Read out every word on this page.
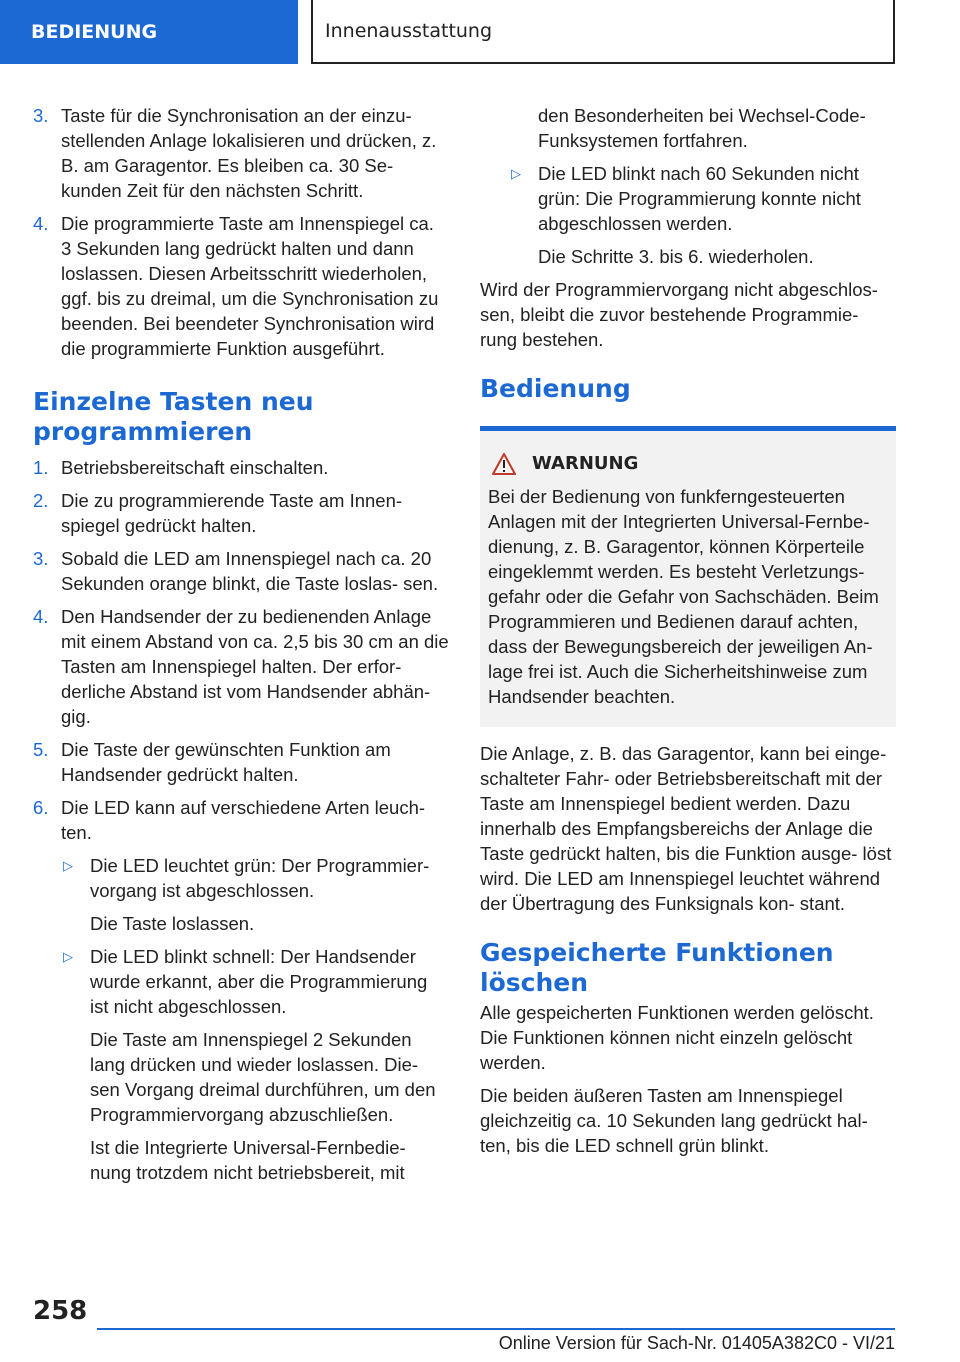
BEDIENUNG	Innenausstattung
3. Taste für die Synchronisation an der einzu- stellenden Anlage lokalisieren und drücken, z. B. am Garagentor. Es bleiben ca. 30 Se- kunden Zeit für den nächsten Schritt.
4. Die programmierte Taste am Innenspiegel ca. 3 Sekunden lang gedrückt halten und dann loslassen. Diesen Arbeitsschritt wiederholen, ggf. bis zu dreimal, um die Synchronisation zu beenden. Bei beendeter Synchronisation wird die programmierte Funktion ausgeführt.
Einzelne Tasten neu programmieren
1. Betriebsbereitschaft einschalten.
2. Die zu programmierende Taste am Innen- spiegel gedrückt halten.
3. Sobald die LED am Innenspiegel nach ca. 20 Sekunden orange blinkt, die Taste loslas- sen.
4. Den Handsender der zu bedienenden Anlage mit einem Abstand von ca. 2,5 bis 30 cm an die Tasten am Innenspiegel halten. Der erfor- derliche Abstand ist vom Handsender abhän- gig.
5. Die Taste der gewünschten Funktion am Handsender gedrückt halten.
6. Die LED kann auf verschiedene Arten leuch- ten.
▷ Die LED leuchtet grün: Der Programmier- vorgang ist abgeschlossen.
Die Taste loslassen.
▷ Die LED blinkt schnell: Der Handsender wurde erkannt, aber die Programmierung ist nicht abgeschlossen.
Die Taste am Innenspiegel 2 Sekunden lang drücken und wieder loslassen. Die- sen Vorgang dreimal durchführen, um den Programmiervorgang abzuschließen.
Ist die Integrierte Universal-Fernbedie- nung trotzdem nicht betriebsbereit, mit
den Besonderheiten bei Wechsel-Code- Funksystemen fortfahren.
▷ Die LED blinkt nach 60 Sekunden nicht grün: Die Programmierung konnte nicht abgeschlossen werden.
Die Schritte 3. bis 6. wiederholen.

Wird der Programmiervorgang nicht abgeschlos- sen, bleibt die zuvor bestehende Programmie- rung bestehen.

Bedienung
WARNUNG
Bei der Bedienung von funkferngesteuerten Anlagen mit der Integrierten Universal-Fernbe- dienung, z. B. Garagentor, können Körperteile eingeklemmt werden. Es besteht Verletzungs- gefahr oder die Gefahr von Sachschäden. Beim Programmieren und Bedienen darauf achten, dass der Bewegungsbereich der jeweiligen An- lage frei ist. Auch die Sicherheitshinweise zum Handsender beachten.

Die Anlage, z. B. das Garagentor, kann bei einge- schalteter Fahr- oder Betriebsbereitschaft mit der Taste am Innenspiegel bedient werden. Dazu innerhalb des Empfangsbereichs der Anlage die Taste gedrückt halten, bis die Funktion ausge- löst wird. Die LED am Innenspiegel leuchtet während der Übertragung des Funksignals kon- stant.

Gespeicherte Funktionen löschen

Alle gespeicherten Funktionen werden gelöscht. Die Funktionen können nicht einzeln gelöscht werden.

Die beiden äußeren Tasten am Innenspiegel gleichzeitig ca. 10 Sekunden lang gedrückt hal- ten, bis die LED schnell grün blinkt.

258
Online Version für Sach-Nr. 01405A382C0 - VI/21
